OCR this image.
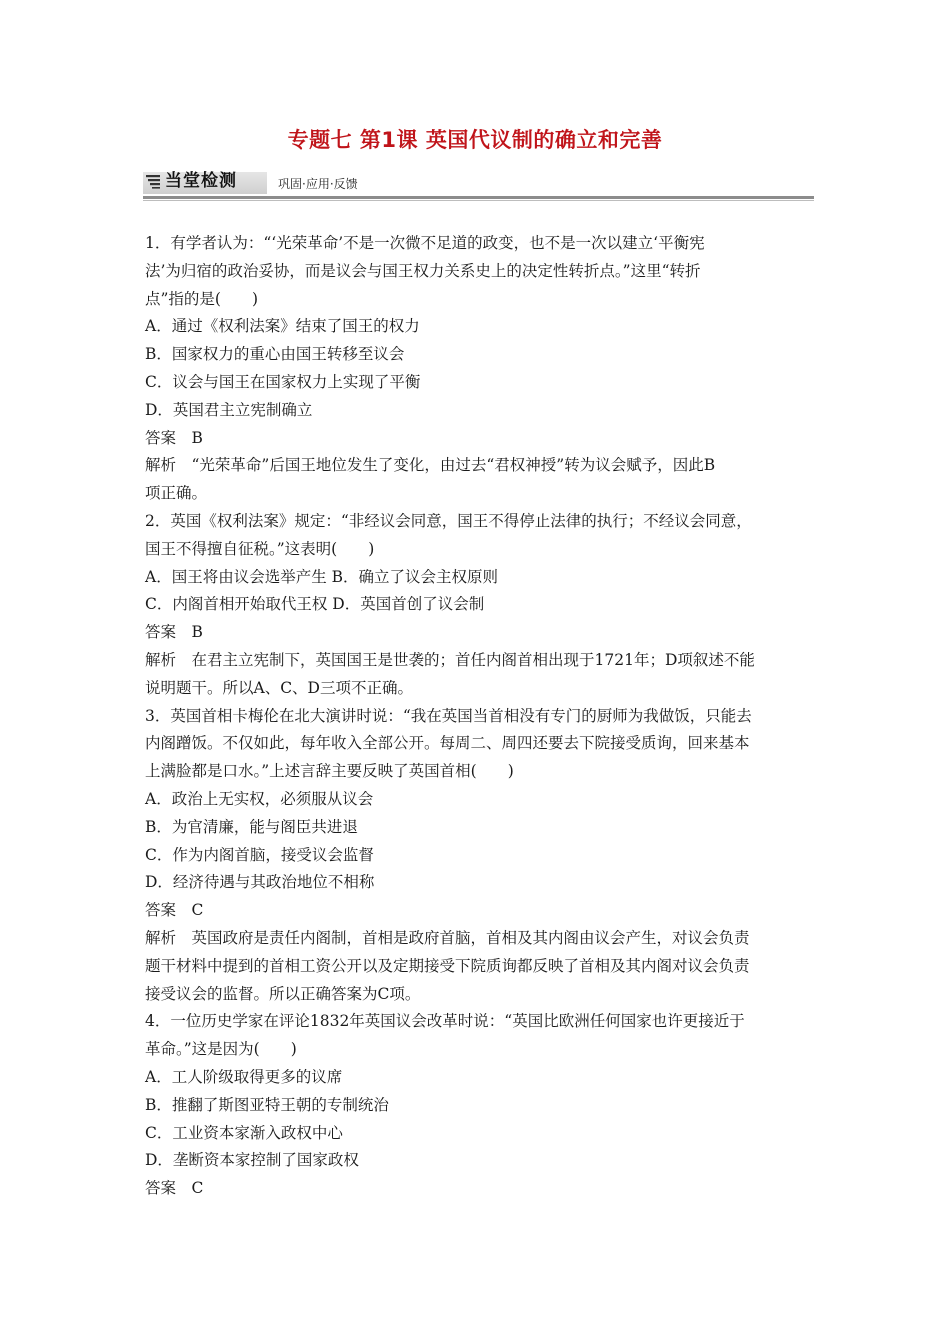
专题七 第1课 英国代议制的确立和完善
当堂检测	巩固·应用·反馈
1．有学者认为：“‘光荣革命’不是一次微不足道的政变，也不是一次以建立‘平衡宪
法’为归宿的政治妥协，而是议会与国王权力关系史上的决定性转折点。”这里“转折
点”指的是(　　)
A．通过《权利法案》结束了国王的权力
B．国家权力的重心由国王转移至议会
C．议会与国王在国家权力上实现了平衡
D．英国君主立宪制确立
答案　B
解析　“光荣革命”后国王地位发生了变化，由过去“君权神授”转为议会赋予，因此B
项正确。
2．英国《权利法案》规定：“非经议会同意，国王不得停止法律的执行；不经议会同意，
国王不得擅自征税。”这表明(　　)
A．国王将由议会选举产生 B．确立了议会主权原则
C．内阁首相开始取代王权 D．英国首创了议会制
答案　B
解析　在君主立宪制下，英国国王是世袭的；首任内阁首相出现于1721年；D项叙述不能
说明题干。所以A、C、D三项不正确。
3．英国首相卡梅伦在北大演讲时说：“我在英国当首相没有专门的厨师为我做饭，只能去
内阁蹭饭。不仅如此，每年收入全部公开。每周二、周四还要去下院接受质询，回来基本
上满脸都是口水。”上述言辞主要反映了英国首相(　　)
A．政治上无实权，必须服从议会
B．为官清廉，能与阁臣共进退
C．作为内阁首脑，接受议会监督
D．经济待遇与其政治地位不相称
答案　C
解析　英国政府是责任内阁制，首相是政府首脑，首相及其内阁由议会产生，对议会负责
题干材料中提到的首相工资公开以及定期接受下院质询都反映了首相及其内阁对议会负责
接受议会的监督。所以正确答案为C项。
4．一位历史学家在评论1832年英国议会改革时说：“英国比欧洲任何国家也许更接近于
革命。”这是因为(　　)
A．工人阶级取得更多的议席
B．推翻了斯图亚特王朝的专制统治
C．工业资本家渐入政权中心
D．垄断资本家控制了国家政权
答案　C
